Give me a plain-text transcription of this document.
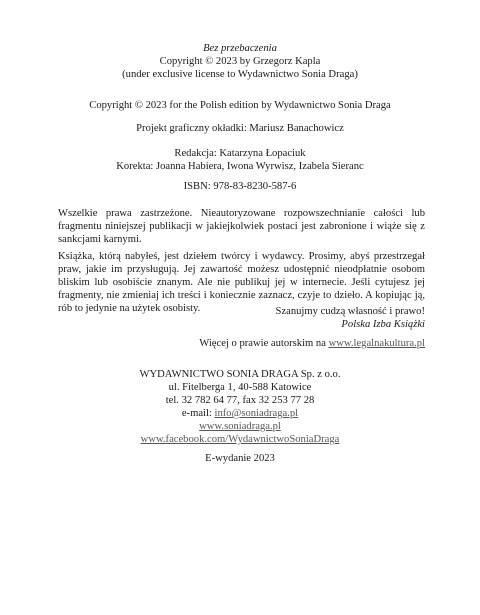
Bez przebaczenia
Copyright © 2023 by Grzegorz Kapla
(under exclusive license to Wydawnictwo Sonia Draga)
Copyright © 2023 for the Polish edition by Wydawnictwo Sonia Draga
Projekt graficzny okładki: Mariusz Banachowicz
Redakcja: Katarzyna Łopaciuk
Korekta: Joanna Habiera, Iwona Wyrwisz, Izabela Sieranc
ISBN: 978-83-8230-587-6
Wszelkie prawa zastrzeżone. Nieautoryzowane rozpowszechnianie całości lub fragmentu niniejszej publikacji w jakiejkolwiek postaci jest zabronione i wiąże się z sankcjami karnymi.
Książka, którą nabyłeś, jest dziełem twórcy i wydawcy. Prosimy, abyś przestrzegał praw, jakie im przysługują. Jej zawartość możesz udostępnić nieodpłatnie osobom bliskim lub osobiście znanym. Ale nie publikuj jej w internecie. Jeśli cytujesz jej fragmenty, nie zmieniaj ich treści i koniecznie zaznacz, czyje to dzieło. A kopiując ją, rób to jedynie na użytek osobisty.	Szanujmy cudzą własność i prawo!
Polska Izba Książki
Więcej o prawie autorskim na www.legalnakultura.pl
WYDAWNICTWO SONIA DRAGA Sp. z o.o.
ul. Fitelberga 1, 40-588 Katowice
tel. 32 782 64 77, fax 32 253 77 28
e-mail: info@soniadraga.pl
www.soniadraga.pl
www.facebook.com/WydawnictwoSoniaDraga
E-wydanie 2023
